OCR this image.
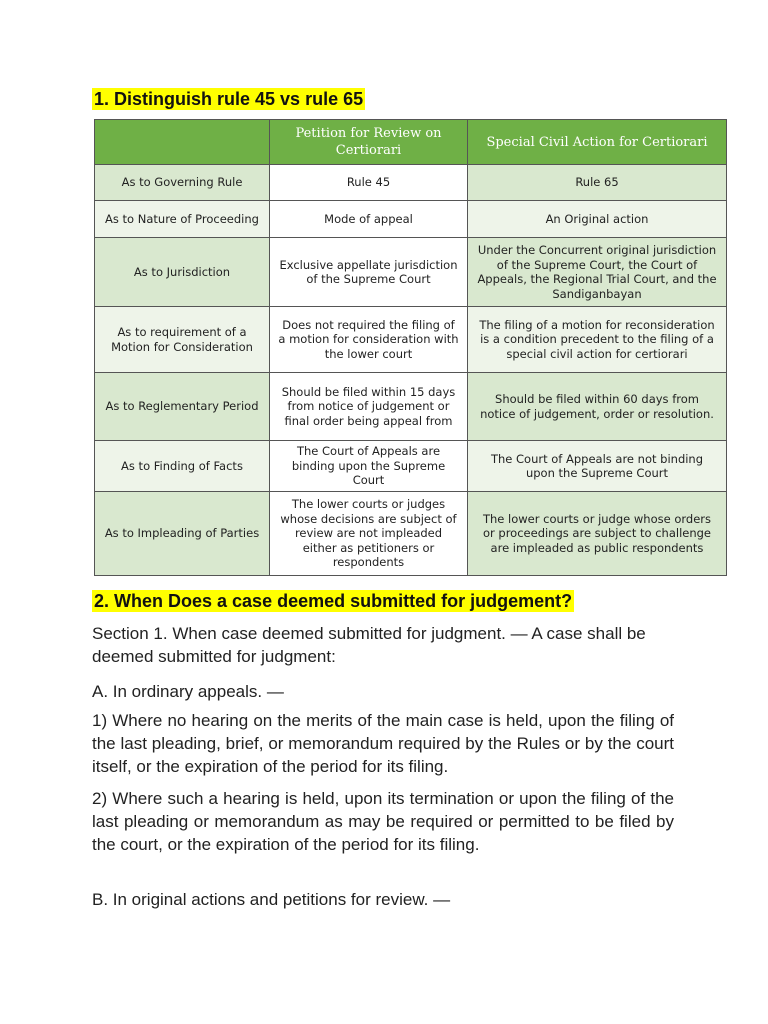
1. Distinguish rule 45 vs rule 65
	Petition for Review on Certiorari	Special Civil Action for Certiorari
As to Governing Rule	Rule 45	Rule 65
As to Nature of Proceeding	Mode of appeal	An Original action
As to Jurisdiction	Exclusive appellate jurisdiction of the Supreme Court	Under the Concurrent original jurisdiction of the Supreme Court, the Court of Appeals, the Regional Trial Court, and the Sandiganbayan
As to requirement of a Motion for Consideration	Does not required the filing of a motion for consideration with the lower court	The filing of a motion for reconsideration is a condition precedent to the filing of a special civil action for certiorari
As to Reglementary Period	Should be filed within 15 days from notice of judgement or final order being appeal from	Should be filed within 60 days from notice of judgement, order or resolution.
As to Finding of Facts	The Court of Appeals are binding upon the Supreme Court	The Court of Appeals are not binding upon the Supreme Court
As to Impleading of Parties	The lower courts or judges whose decisions are subject of review are not impleaded either as petitioners or respondents	The lower courts or judge whose orders or proceedings are subject to challenge are impleaded as public respondents
2. When Does a case deemed submitted for judgement?

Section 1. When case deemed submitted for judgment. — A case shall be deemed submitted for judgment:

A. In ordinary appeals. —

1) Where no hearing on the merits of the main case is held, upon the filing of the last pleading, brief, or memorandum required by the Rules or by the court itself, or the expiration of the period for its filing.

2) Where such a hearing is held, upon its termination or upon the filing of the last pleading or memorandum as may be required or permitted to be filed by the court, or the expiration of the period for its filing.

B. In original actions and petitions for review. —
